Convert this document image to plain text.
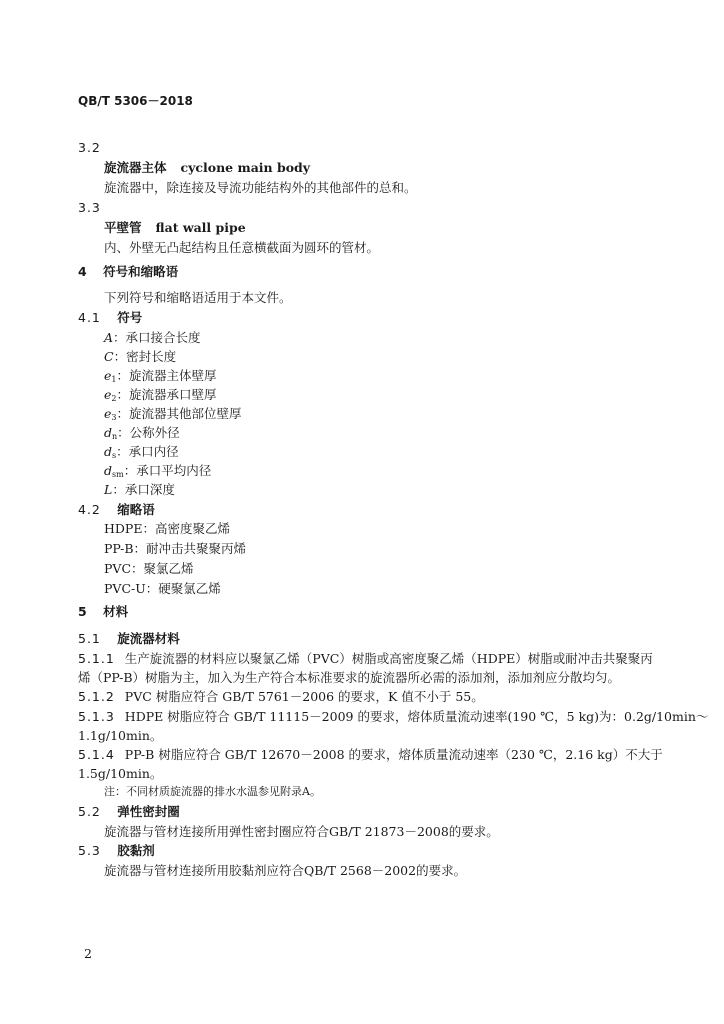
QB/T 5306－2018
3.2
旋流器主体 cyclone main body
旋流器中，除连接及导流功能结构外的其他部件的总和。
3.3
平壁管 flat wall pipe
内、外壁无凸起结构且任意横截面为圆环的管材。
4 符号和缩略语
下列符号和缩略语适用于本文件。
4.1 符号
A：承口接合长度
C：密封长度
$e_1$：旋流器主体壁厚
$e_2$：旋流器承口壁厚
$e_3$：旋流器其他部位壁厚
$d_n$：公称外径
$d_s$：承口内径
$d_{sm}$：承口平均内径
L：承口深度
4.2 缩略语
HDPE：高密度聚乙烯
PP-B：耐冲击共聚聚丙烯
PVC：聚氯乙烯
PVC-U：硬聚氯乙烯
5 材料
5.1 旋流器材料
5.1.1 生产旋流器的材料应以聚氯乙烯（PVC）树脂或高密度聚乙烯（HDPE）树脂或耐冲击共聚聚丙
烯（PP-B）树脂为主，加入为生产符合本标准要求的旋流器所必需的添加剂，添加剂应分散均匀。
5.1.2 PVC 树脂应符合 GB/T 5761－2006 的要求，K 值不小于 55。
5.1.3 HDPE 树脂应符合 GB/T 11115－2009 的要求，熔体质量流动速率(190 ℃，5 kg)为：0.2g/10min～
1.1g/10min。
5.1.4 PP-B 树脂应符合 GB/T 12670－2008 的要求，熔体质量流动速率（230 ℃，2.16 kg）不大于
1.5g/10min。
注：不同材质旋流器的排水水温参见附录A。
5.2 弹性密封圈
旋流器与管材连接所用弹性密封圈应符合GB/T 21873－2008的要求。
5.3 胶黏剂
旋流器与管材连接所用胶黏剂应符合QB/T 2568－2002的要求。
2
